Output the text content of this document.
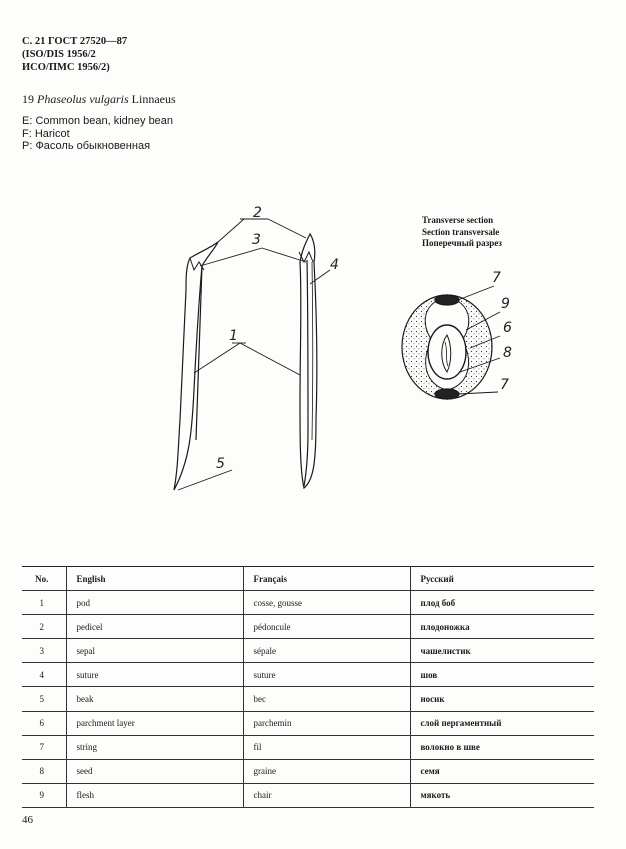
С. 21 ГОСТ 27520—87
(ISO/DIS 1956/2
ИСО/ПМС 1956/2)
19 Phaseolus vulgaris Linnaeus
E: Common bean, kidney bean
F: Haricot
P: Фасоль обыкновенная
Transverse section
Section transversale
Поперечный разрез
2
3
4
1
5
7
9
6
8
7
No.	English	Français	Русский
1	pod	cosse, gousse	плод боб
2	pedicel	pédoncule	плодоножка
3	sepal	sépale	чашелистик
4	suture	suture	шов
5	beak	bec	носик
6	parchment layer	parchemin	слой пергаментный
7	string	fil	волокно в шве
8	seed	graine	семя
9	flesh	chair	мякоть
46
